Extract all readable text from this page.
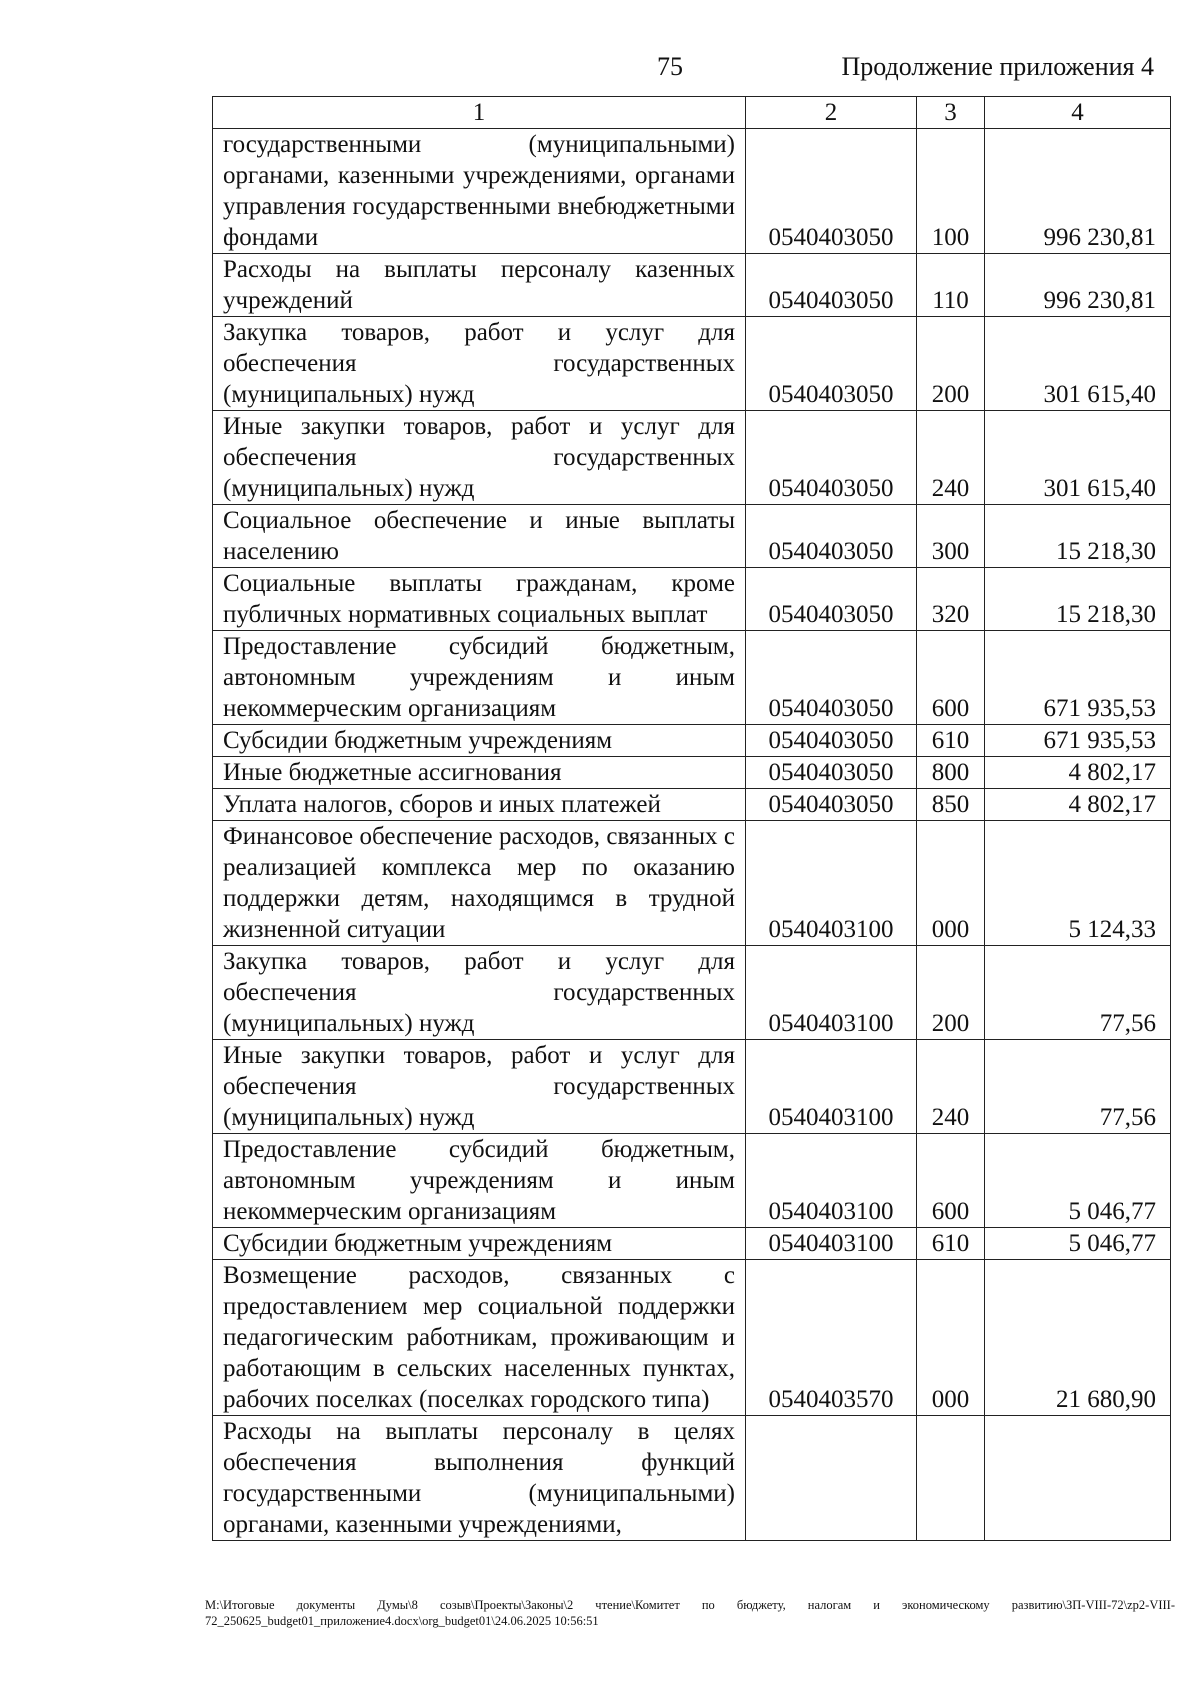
75	Продолжение приложения 4
1	2	3	4
государственными (муниципальными) органами, казенными учреждениями, органами управления государственными внебюджетными фондами	0540403050	100	996 230,81
Расходы на выплаты персоналу казенных учреждений	0540403050	110	996 230,81
Закупка товаров, работ и услуг для обеспечения государственных (муниципальных) нужд	0540403050	200	301 615,40
Иные закупки товаров, работ и услуг для обеспечения государственных (муниципальных) нужд	0540403050	240	301 615,40
Социальное обеспечение и иные выплаты населению	0540403050	300	15 218,30
Социальные выплаты гражданам, кроме публичных нормативных социальных выплат	0540403050	320	15 218,30
Предоставление субсидий бюджетным, автономным учреждениям и иным некоммерческим организациям	0540403050	600	671 935,53
Субсидии бюджетным учреждениям	0540403050	610	671 935,53
Иные бюджетные ассигнования	0540403050	800	4 802,17
Уплата налогов, сборов и иных платежей	0540403050	850	4 802,17
Финансовое обеспечение расходов, связанных с реализацией комплекса мер по оказанию поддержки детям, находящимся в трудной жизненной ситуации	0540403100	000	5 124,33
Закупка товаров, работ и услуг для обеспечения государственных (муниципальных) нужд	0540403100	200	77,56
Иные закупки товаров, работ и услуг для обеспечения государственных (муниципальных) нужд	0540403100	240	77,56
Предоставление субсидий бюджетным, автономным учреждениям и иным некоммерческим организациям	0540403100	600	5 046,77
Субсидии бюджетным учреждениям	0540403100	610	5 046,77
Возмещение расходов, связанных с предоставлением мер социальной поддержки педагогическим работникам, проживающим и работающим в сельских населенных пунктах, рабочих поселках (поселках городского типа)	0540403570	000	21 680,90
Расходы на выплаты персоналу в целях обеспечения выполнения функций государственными (муниципальными) органами, казенными учреждениями,			
M:\Итоговые документы Думы\8 созыв\Проекты\Законы\2 чтение\Комитет по бюджету, налогам и экономическому развитию\ЗП-VIII-72\zp2-VIII-72_250625_budget01_приложение4.docx\org_budget01\24.06.2025 10:56:51
